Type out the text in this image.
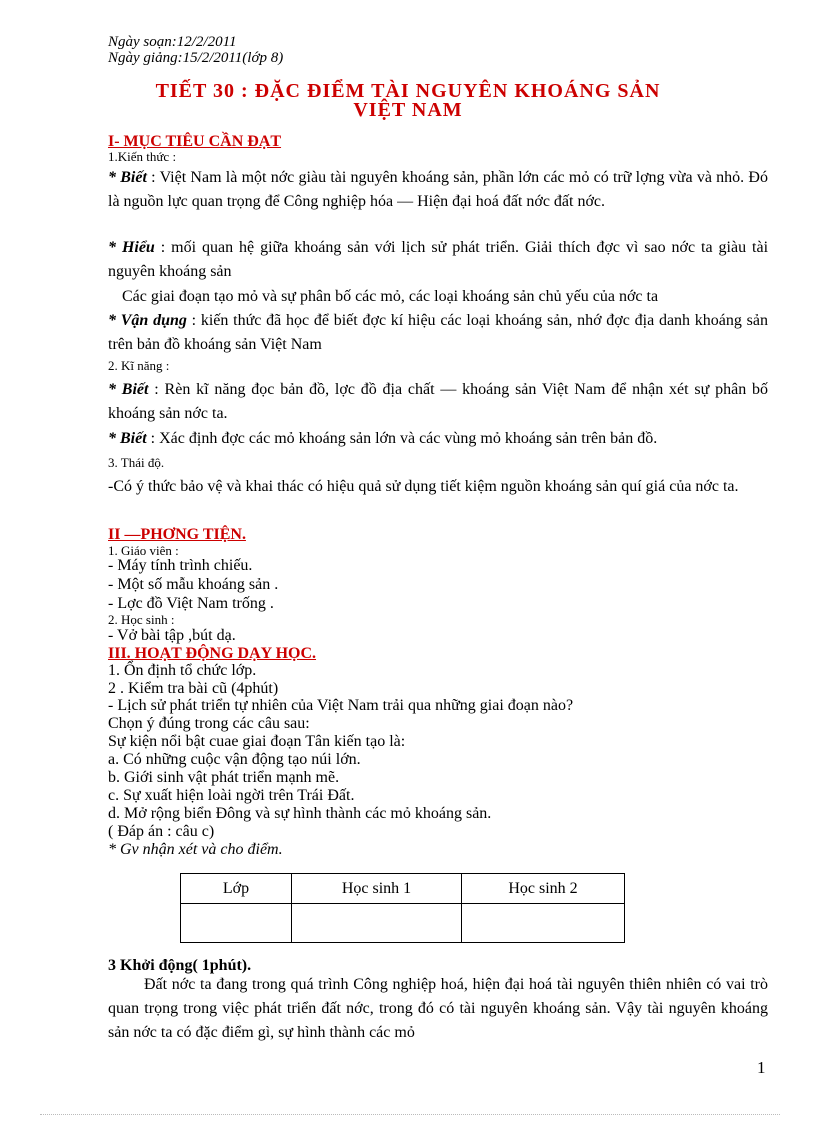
Ngày soạn:12/2/2011
Ngày giảng:15/2/2011(lớp 8)
TIẾT 30 : ĐẶC ĐIỂM TÀI NGUYÊN KHOÁNG SẢN
VIỆT NAM
I- MỤC TIÊU CẦN ĐẠT
1.Kiến thức :
* Biết : Việt Nam là một nớc giàu tài nguyên khoáng sản, phần lớn các mỏ có trữ lợng vừa và nhỏ. Đó là nguồn lực quan trọng để Công nghiệp hóa — Hiện đại hoá đất nớc đất nớc.
* Hiểu : mối quan hệ giữa khoáng sản với lịch sử phát triển. Giải thích đợc vì sao nớc ta giàu tài nguyên khoáng sản
Các giai đoạn tạo mỏ và sự phân bố các mỏ, các loại khoáng sản chủ yếu của nớc ta
* Vận dụng : kiến thức đã học để biết đợc kí hiệu các loại khoáng sản, nhớ đợc địa danh khoáng sản trên bản đồ khoáng sản Việt Nam
2. Kĩ năng :
* Biết : Rèn kĩ năng đọc bản đồ, lợc đồ địa chất — khoáng sản Việt Nam để nhận xét sự phân bố khoáng sản nớc ta.
* Biết : Xác định đợc các mỏ khoáng sản lớn và các vùng mỏ khoáng sản trên bản đồ.
3. Thái độ.
-Có ý thức bảo vệ và khai thác có hiệu quả sử dụng tiết kiệm nguồn khoáng sản quí giá của nớc ta.
II —PHƠNG TIỆN.
1. Giáo viên :
- Máy tính trình chiếu.
- Một số mẫu khoáng sản .
- Lợc đồ Việt Nam trống .
2. Học sinh :
- Vở bài tập ,bút dạ.
III. HOẠT ĐỘNG DẠY HỌC.
1. Ổn định tổ chức lớp.
2 . Kiểm tra bài cũ (4phút)
- Lịch sử phát triển tự nhiên của Việt Nam trải qua những giai đoạn nào?
Chọn ý đúng trong các câu sau:
Sự kiện nổi bật cuae giai đoạn Tân kiến tạo là:
a. Có những cuộc vận động tạo núi lớn.
b. Giới sinh vật phát triển mạnh mẽ.
c. Sự xuất hiện loài ngời trên Trái Đất.
d. Mở rộng biển Đông và sự hình thành các mỏ khoáng sản.
( Đáp án : câu c)
* Gv nhận xét và cho điểm.
Lớp	Học sinh 1	Học sinh 2

3 Khởi động( 1phút).
Đất nớc ta đang trong quá trình Công nghiệp hoá, hiện đại hoá tài nguyên thiên nhiên có vai trò quan trọng trong việc phát triển đất nớc, trong đó có tài nguyên khoáng sản. Vậy tài nguyên khoáng sản nớc ta có đặc điểm gì, sự hình thành các mỏ
1
